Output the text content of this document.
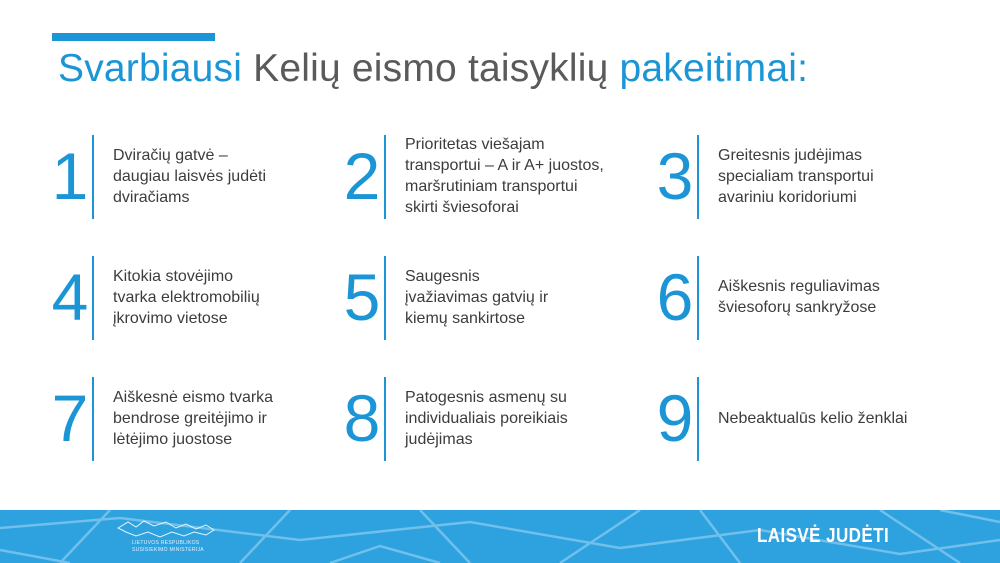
Svarbiausi Kelių eismo taisyklių pakeitimai:
1 Dviračių gatvė –
daugiau laisvės judėti
dviračiams	2 Prioritetas viešajam
transportui – A ir A+ juostos,
maršrutiniam transportui
skirti šviesoforai	3 Greitesnis judėjimas
specialiam transportui
avariniu koridoriumi
4 Kitokia stovėjimo
tvarka elektromobilių
įkrovimo vietose	5 Saugesnis
įvažiavimas gatvių ir
kiemų sankirtose	6 Aiškesnis reguliavimas
šviesoforų sankryžose
7 Aiškesnė eismo tvarka
bendrose greitėjimo ir
lėtėjimo juostose	8 Patogesnis asmenų su
individualiais poreikiais
judėjimas	9 Nebeaktualūs kelio ženklai
LIETUVOS RESPUBLIKOS
SUSISIEKIMO MINISTERIJA
LAISVĖ JUDĖTI
